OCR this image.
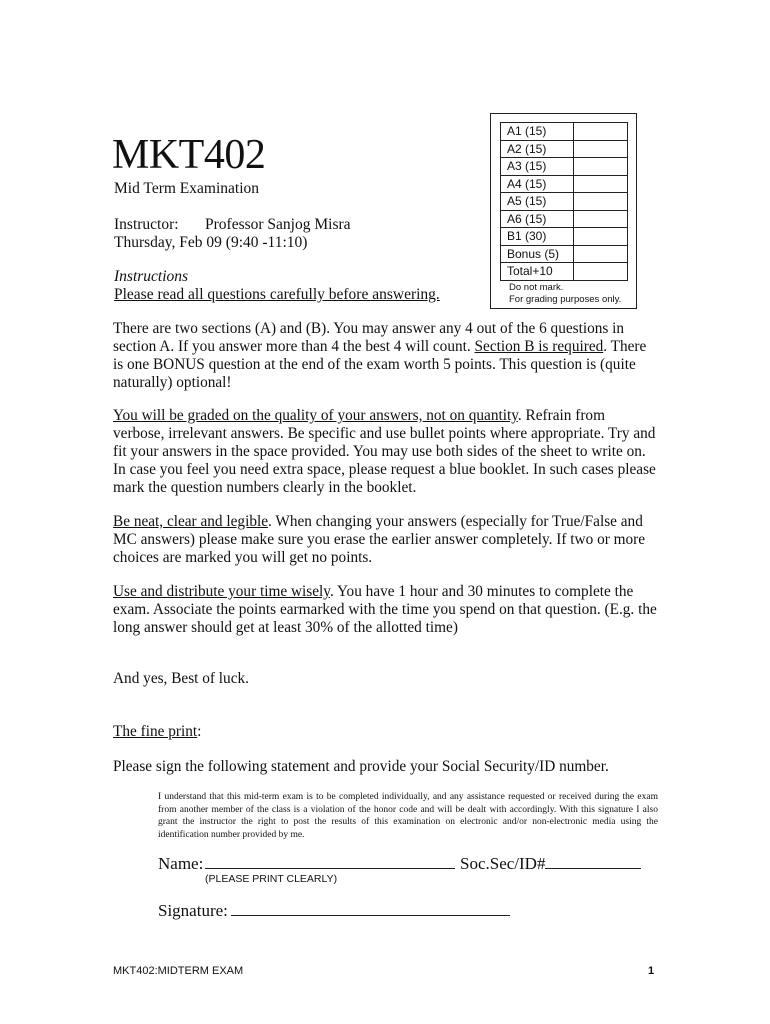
MKT402
Mid Term Examination
Instructor: Professor Sanjog Misra
Thursday, Feb 09 (9:40 -11:10)
Instructions
Please read all questions carefully before answering.
A1 (15)	
A2 (15)	
A3 (15)	
A4 (15)	
A5 (15)	
A6 (15)	
B1 (30)	
Bonus (5)	
Total+10	
Do not mark.
For grading purposes only.
There are two sections (A) and (B). You may answer any 4 out of the 6 questions in section A. If you answer more than 4 the best 4 will count. Section B is required. There is one BONUS question at the end of the exam worth 5 points. This question is (quite naturally) optional!
You will be graded on the quality of your answers, not on quantity. Refrain from verbose, irrelevant answers. Be specific and use bullet points where appropriate. Try and fit your answers in the space provided. You may use both sides of the sheet to write on. In case you feel you need extra space, please request a blue booklet. In such cases please mark the question numbers clearly in the booklet.
Be neat, clear and legible. When changing your answers (especially for True/False and MC answers) please make sure you erase the earlier answer completely. If two or more choices are marked you will get no points.
Use and distribute your time wisely. You have 1 hour and 30 minutes to complete the exam. Associate the points earmarked with the time you spend on that question. (E.g. the long answer should get at least 30% of the allotted time)
And yes, Best of luck.
The fine print:
Please sign the following statement and provide your Social Security/ID number.
I understand that this mid-term exam is to be completed individually, and any assistance requested or received during the exam from another member of the class is a violation of the honor code and will be dealt with accordingly. With this signature I also grant the instructor the right to post the results of this examination on electronic and/or non-electronic media using the identification number provided by me.
Name:	Soc.Sec/ID#
(PLEASE PRINT CLEARLY)
Signature:
MKT402:MIDTERM EXAM	1
